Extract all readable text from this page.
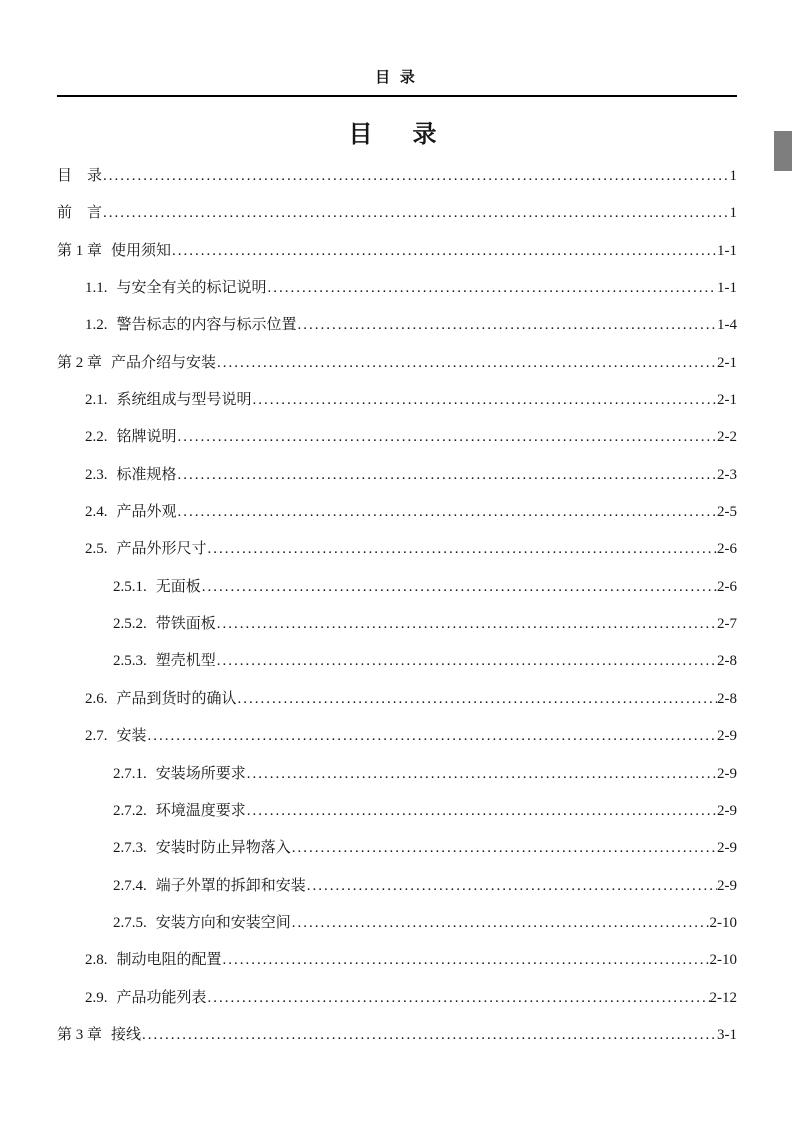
目 录
目　录
目　录 .....	1
前　言 .....	1
第 1 章 使用须知 .....	1-1
1.1. 与安全有关的标记说明 .....	1-1
1.2. 警告标志的内容与标示位置 .....	1-4
第 2 章 产品介绍与安装 .....	2-1
2.1. 系统组成与型号说明 .....	2-1
2.2. 铭牌说明 .....	2-2
2.3. 标准规格 .....	2-3
2.4. 产品外观 .....	2-5
2.5. 产品外形尺寸 .....	2-6
2.5.1. 无面板 .....	2-6
2.5.2. 带铁面板 .....	2-7
2.5.3. 塑壳机型 .....	2-8
2.6. 产品到货时的确认 .....	2-8
2.7. 安装 .....	2-9
2.7.1. 安装场所要求 .....	2-9
2.7.2. 环境温度要求 .....	2-9
2.7.3. 安装时防止异物落入 .....	2-9
2.7.4. 端子外罩的拆卸和安装 .....	2-9
2.7.5. 安装方向和安装空间 .....	2-10
2.8. 制动电阻的配置 .....	2-10
2.9. 产品功能列表 .....	2-12
第 3 章 接线 .....	3-1
